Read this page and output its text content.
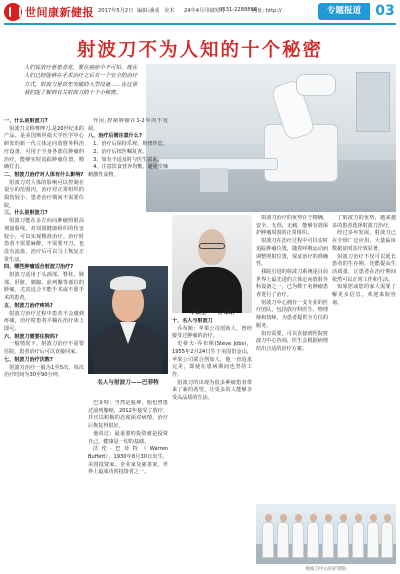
世间康新健报 2017年5月2日 编辑:潘成 美术 24年4月印刷发行
0531-2288866
网址: http://	专题报道	03
射波刀不为人知的十个秘密
人们说放疗是患者克、要在癌症中不可怕、现在人们已经能够在手术治疗之后有一个安全的治疗方式，射波刀是首先突破的大型设备……在这里我们能了解到有关射波刀的十个小秘密。
一、什么是射波刀?

射波刀又称赛博刀,是20世纪末的产品，是美国斯坦福大学医学中心研发的新一代立体定向放射外科治疗设备，可用于全身各部位肿瘤的治疗，能够实时追踪肿瘤位置，精确打击。

二、射波刀治疗对人体有什么影响?

射波刀对人体的影响可以控制在很小的范围内，治疗对正常组织的损伤较小，患者治疗期间不需要住院。

三、什么是射波刀?

射波刀能在多方向向肿瘤照射高剂量射线，对周围健康组织的伤害较小，可以实现精准治疗。治疗时患者不需要麻醉，不需要开刀，也没有流血，治疗后可以马上恢复正常生活。

四、哪些肿瘤适合射波刀治疗?

射波刀适用于头颈部、脊柱、肺部、肝脏、胰腺、前列腺等部位的肿瘤，尤其适合不能手术或不愿手术的患者。

五、射波刀治疗疼吗?

射波刀治疗过程中患者不会感到疼痛，治疗时患者平躺在治疗床上即可。

六、射波刀需要住院吗?

一般情况下，射波刀治疗不需要住院，患者治疗后可以直接回家。

七、射波刀治疗次数?

射波刀治疗一般为1至5次，每次治疗时间为30至90分钟。

作用,控制肿瘤在1-2年内不发展。

八、治疗后需注意什么?

1、治疗后保持乐观、规律作息。

2、治疗后按医嘱复查。

3、如有不适及时与医生联系。

4、注意饮食营养均衡，避免辛辣刺激性食物。

名人与射波刀——巴菲特

巴菲特：当然是股神，他也曾患过前列腺癌，2012年接受了放疗，并且以积极的态度面对病情，治疗后恢复得很好。

他说过：最重要的投资就是投资自己，健康是一切的基础。

沃伦·巴菲特（Warren Buffett），1930年8月30日出生，美国投资家、企业家及慈善家，世界上最成功的投资者之一。

苹果王——乔布斯
十、名人与射波刀

乔布斯：苹果公司创始人，曾经接受过肿瘤的治疗。

史蒂夫·乔布斯(Steve Jobs)，1955年2月24日生于美国旧金山，苹果公司联合创始人，他一直追求完美，即使在患病期间也坚持工作。

射波刀的出现为很多肿瘤患者带来了新的希望，让更多的人能够享受高品质的生活。

射波刀治疗的优势在于精确、安全、无创、无痛，能够有效保护肿瘤周围的正常组织。

射波刀在治疗过程中可以实时追踪肿瘤位置，随着呼吸运动而调整照射位置，保证治疗的准确性。

我院引进的射波刀系统是目前世界上最先进的立体定向放射外科设备之一，已为数千名肿瘤患者进行了治疗。

射波刀中心拥有一支专业的医疗团队，包括放疗科医生、物理师和技师，为患者提供全方位的服务。

如有需要，可以直接到医院射波刀中心咨询，医生会根据病情给出合适的治疗方案。

了射波刀的优势，越来越多的患者选择射波刀治疗。

经过多年发展，射波刀已在全球广泛应用，大量临床数据证明其疗效显著。

射波刀治疗不仅可以延长患者的生存期，还能提高生活质量，让患者在治疗期间依然可以正常工作和生活。

如果您或您的家人需要了解更多信息，欢迎来院咨询。

射波刀中心医护团队
